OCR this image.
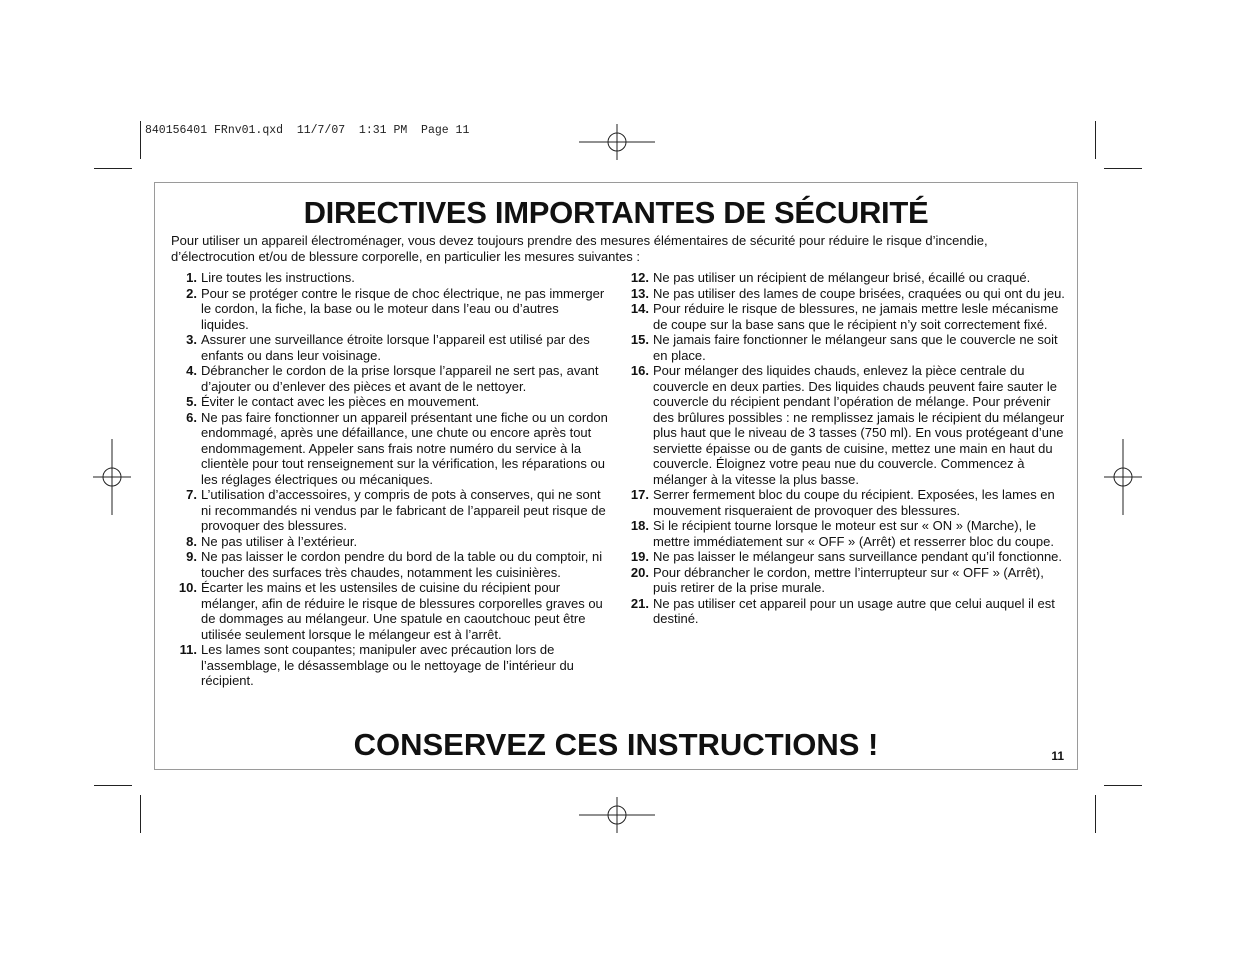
840156401 FRnv01.qxd  11/7/07  1:31 PM  Page 11
DIRECTIVES IMPORTANTES DE SÉCURITÉ
Pour utiliser un appareil électroménager, vous devez toujours prendre des mesures élémentaires de sécurité pour réduire le risque d’incendie, d’électrocution et/ou de blessure corporelle, en particulier les mesures suivantes :
1. Lire toutes les instructions.
2. Pour se protéger contre le risque de choc électrique, ne pas immerger le cordon, la fiche, la base ou le moteur dans l’eau ou d’autres liquides.
3. Assurer une surveillance étroite lorsque l’appareil est utilisé par des enfants ou dans leur voisinage.
4. Débrancher le cordon de la prise lorsque l’appareil ne sert pas, avant d’ajouter ou d’enlever des pièces et avant de le nettoyer.
5. Éviter le contact avec les pièces en mouvement.
6. Ne pas faire fonctionner un appareil présentant une fiche ou un cordon endommagé, après une défaillance, une chute ou encore après tout endommagement. Appeler sans frais notre numéro du service à la clientèle pour tout renseignement sur la vérification, les réparations ou les réglages électriques ou mécaniques.
7. L’utilisation d’accessoires, y compris de pots à conserves, qui ne sont ni recommandés ni vendus par le fabricant de l’appareil peut risque de provoquer des blessures.
8. Ne pas utiliser à l’extérieur.
9. Ne pas laisser le cordon pendre du bord de la table ou du comptoir, ni toucher des surfaces très chaudes, notamment les cuisinières.
10. Écarter les mains et les ustensiles de cuisine du récipient pour mélanger, afin de réduire le risque de blessures corporelles graves ou de dommages au mélangeur. Une spatule en caoutchouc peut être utilisée seulement lorsque le mélangeur est à l’arrêt.
11. Les lames sont coupantes; manipuler avec précaution lors de l’assemblage, le désassemblage ou le nettoyage de l’intérieur du récipient.
12. Ne pas utiliser un récipient de mélangeur brisé, écaillé ou craqué.
13. Ne pas utiliser des lames de coupe brisées, craquées ou qui ont du jeu.
14. Pour réduire le risque de blessures, ne jamais mettre lesle mécanisme de coupe sur la base sans que le récipient n’y soit correctement fixé.
15. Ne jamais faire fonctionner le mélangeur sans que le couvercle ne soit en place.
16. Pour mélanger des liquides chauds, enlevez la pièce centrale du couvercle en deux parties. Des liquides chauds peuvent faire sauter le couvercle du récipient pendant l’opération de mélange. Pour prévenir des brûlures possibles : ne remplissez jamais le récipient du mélangeur plus haut que le niveau de 3 tasses (750 ml). En vous protégeant d’une serviette épaisse ou de gants de cuisine, mettez une main en haut du couvercle. Éloignez votre peau nue du couvercle. Commencez à mélanger à la vitesse la plus basse.
17. Serrer fermement bloc du coupe du récipient. Exposées, les lames en mouvement risqueraient de provoquer des blessures.
18. Si le récipient tourne lorsque le moteur est sur « ON » (Marche), le mettre immédiatement sur « OFF » (Arrêt) et resserrer bloc du coupe.
19. Ne pas laisser le mélangeur sans surveillance pendant qu’il fonctionne.
20. Pour débrancher le cordon, mettre l’interrupteur sur « OFF » (Arrêt), puis retirer de la prise murale.
21. Ne pas utiliser cet appareil pour un usage autre que celui auquel il est destiné.
CONSERVEZ CES INSTRUCTIONS !	11
